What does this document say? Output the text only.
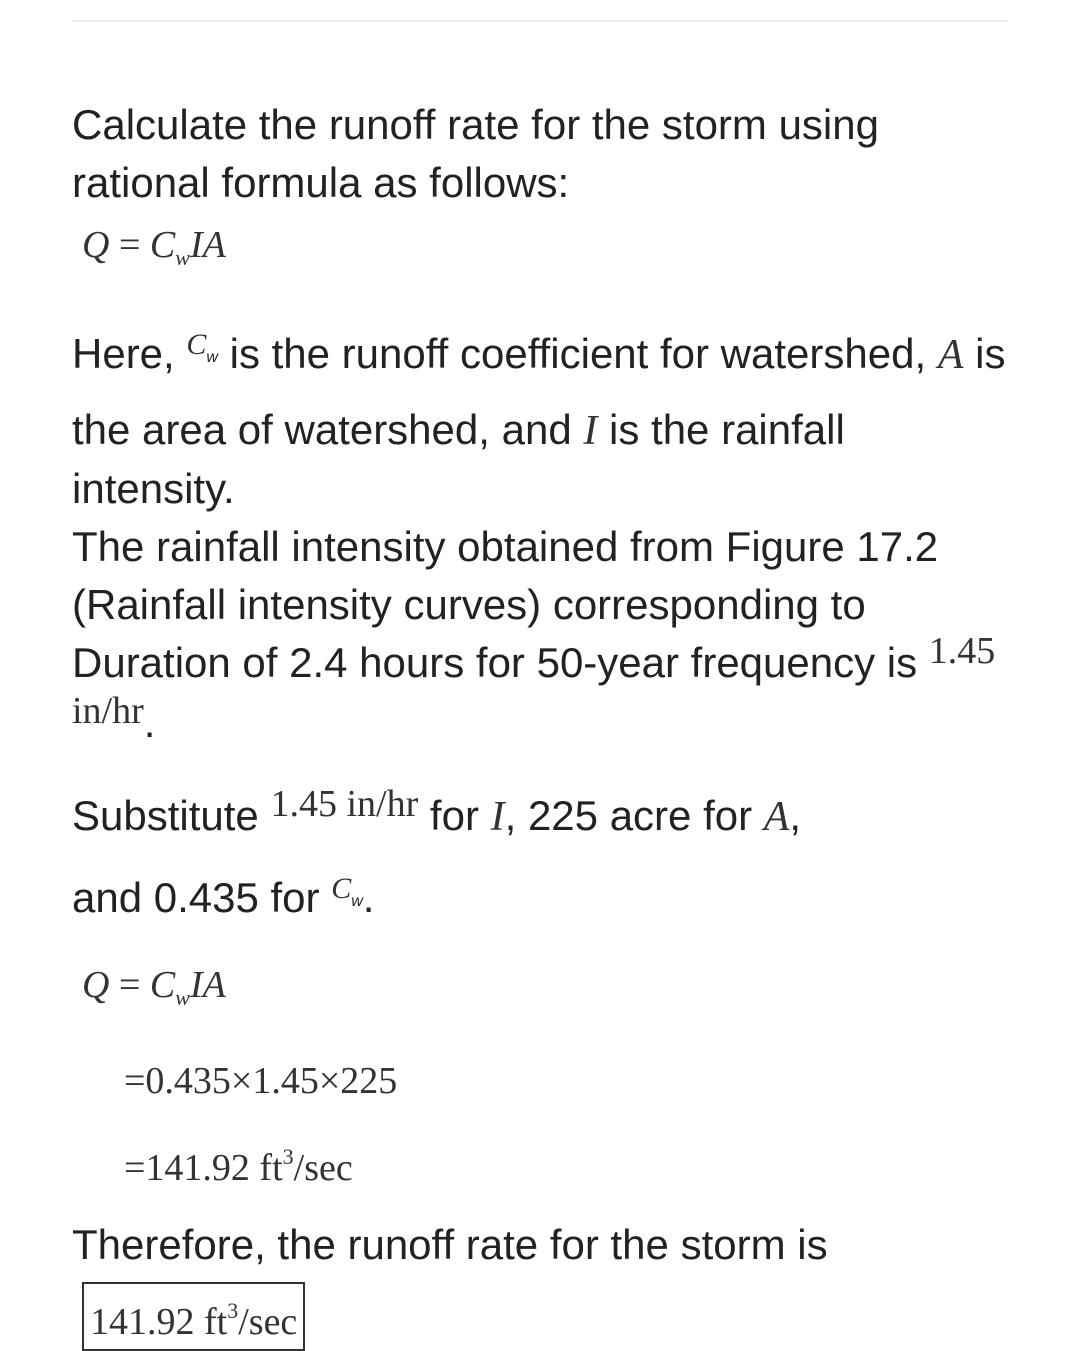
Calculate the runoff rate for the storm using rational formula as follows:

$Q = C_wIA$

Here, $C_w$ is the runoff coefficient for watershed, A is the area of watershed, and I is the rainfall intensity.

The rainfall intensity obtained from Figure 17.2 (Rainfall intensity curves) corresponding to Duration of 2.4 hours for 50-year frequency is 1.45 in/hr.

Substitute 1.45 in/hr for I, 225 acre for A,
and 0.435 for $C_w$.

$Q = C_wIA$
=0.435×1.45×225
=141.92 $ft^3/\sec$

Therefore, the runoff rate for the storm is

141.92 $ft^3/\sec$
